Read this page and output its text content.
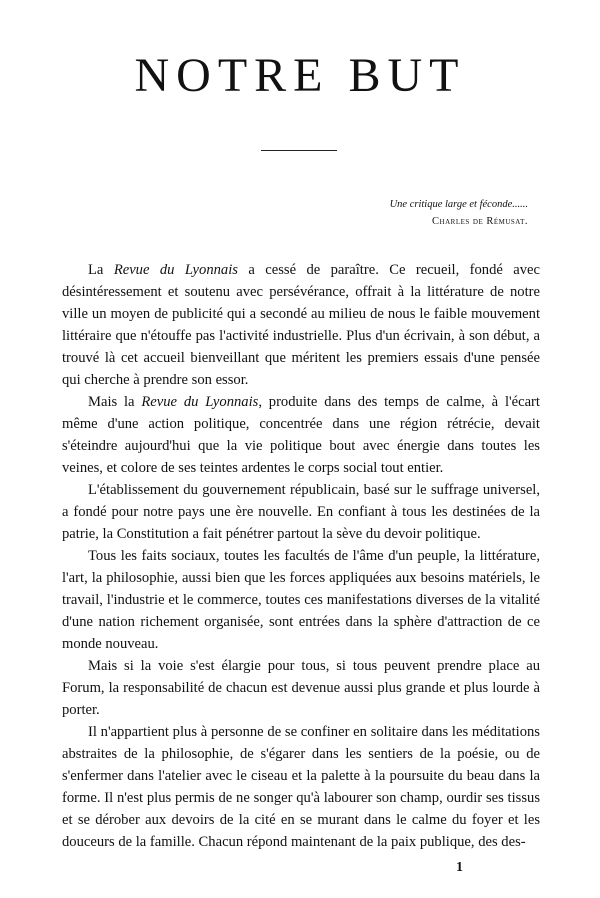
NOTRE BUT
Une critique large et féconde......
Charles de Rémusat.

La Revue du Lyonnais a cessé de paraître. Ce recueil, fondé avec désintéressement et soutenu avec persévérance, offrait à la littérature de notre ville un moyen de publicité qui a secondé au milieu de nous le faible mouvement littéraire que n'étouffe pas l'activité industrielle. Plus d'un écrivain, à son début, a trouvé là cet accueil bienveillant que méritent les premiers essais d'une pensée qui cherche à prendre son essor.

Mais la Revue du Lyonnais, produite dans des temps de calme, à l'écart même d'une action politique, concentrée dans une région rétrécie, devait s'éteindre aujourd'hui que la vie politique bout avec énergie dans toutes les veines, et colore de ses teintes ardentes le corps social tout entier.

L'établissement du gouvernement républicain, basé sur le suffrage universel, a fondé pour notre pays une ère nouvelle. En confiant à tous les destinées de la patrie, la Constitution a fait pénétrer partout la sève du devoir politique.

Tous les faits sociaux, toutes les facultés de l'âme d'un peuple, la littérature, l'art, la philosophie, aussi bien que les forces appliquées aux besoins matériels, le travail, l'industrie et le commerce, toutes ces manifestations diverses de la vitalité d'une nation richement organisée, sont entrées dans la sphère d'attraction de ce monde nouveau.

Mais si la voie s'est élargie pour tous, si tous peuvent prendre place au Forum, la responsabilité de chacun est devenue aussi plus grande et plus lourde à porter.

Il n'appartient plus à personne de se confiner en solitaire dans les méditations abstraites de la philosophie, de s'égarer dans les sentiers de la poésie, ou de s'enfermer dans l'atelier avec le ciseau et la palette à la poursuite du beau dans la forme. Il n'est plus permis de ne songer qu'à labourer son champ, ourdir ses tissus et se dérober aux devoirs de la cité en se murant dans le calme du foyer et les douceurs de la famille. Chacun répond maintenant de la paix publique, des des-

1
